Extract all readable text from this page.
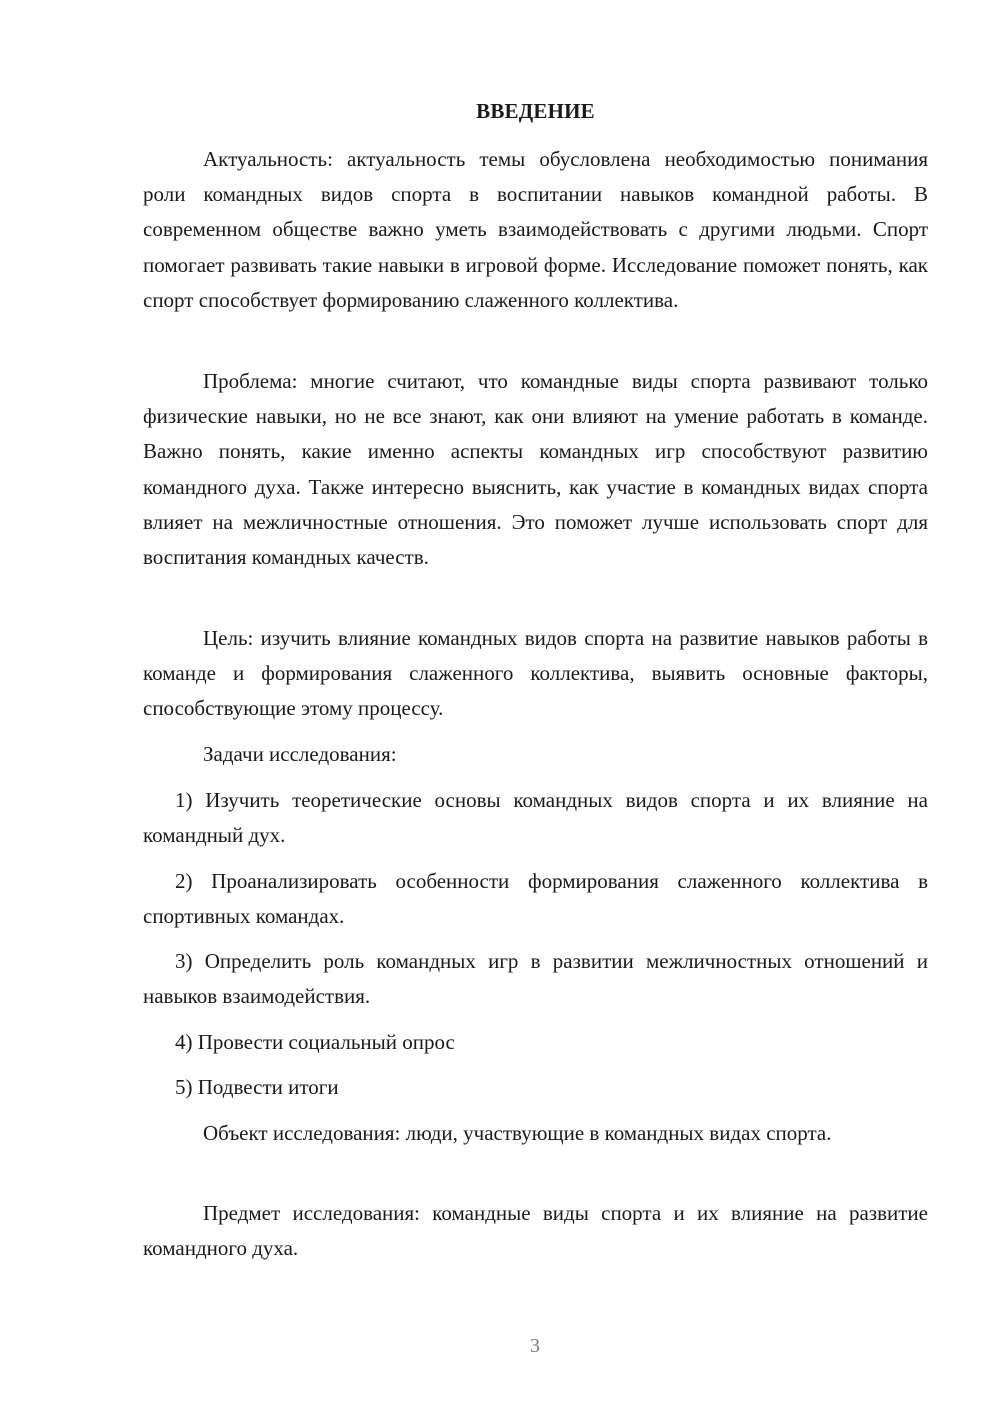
ВВЕДЕНИЕ

Актуальность: актуальность темы обусловлена необходимостью понимания роли командных видов спорта в воспитании навыков командной работы. В современном обществе важно уметь взаимодействовать с другими людьми. Спорт помогает развивать такие навыки в игровой форме. Исследование поможет понять, как спорт способствует формированию слаженного коллектива.

Проблема: многие считают, что командные виды спорта развивают только физические навыки, но не все знают, как они влияют на умение работать в команде. Важно понять, какие именно аспекты командных игр способствуют развитию командного духа. Также интересно выяснить, как участие в командных видах спорта влияет на межличностные отношения. Это поможет лучше использовать спорт для воспитания командных качеств.

Цель: изучить влияние командных видов спорта на развитие навыков работы в команде и формирования слаженного коллектива, выявить основные факторы, способствующие этому процессу.

Задачи исследования:

1) Изучить теоретические основы командных видов спорта и их влияние на командный дух.

2) Проанализировать особенности формирования слаженного коллектива в спортивных командах.

3) Определить роль командных игр в развитии межличностных отношений и навыков взаимодействия.

4) Провести социальный опрос

5) Подвести итоги

Объект исследования: люди, участвующие в командных видах спорта.

Предмет исследования: командные виды спорта и их влияние на развитие командного духа.

3
